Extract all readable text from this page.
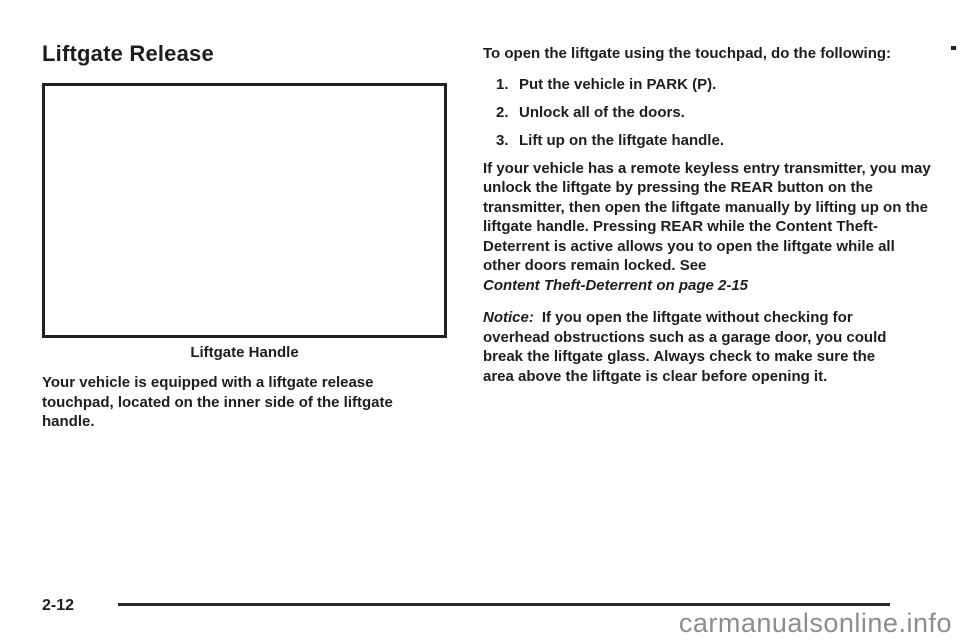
Liftgate Release
Liftgate Handle
Your vehicle is equipped with a liftgate release touchpad, located on the inner side of the liftgate handle.

To open the liftgate using the touchpad, do the following:

1. Put the vehicle in PARK (P).
2. Unlock all of the doors.
3. Lift up on the liftgate handle.

If your vehicle has a remote keyless entry transmitter, you may unlock the liftgate by pressing the REAR button on the transmitter, then open the liftgate manually by lifting up on the liftgate handle. Pressing REAR while the Content Theft-Deterrent is active allows you to open the liftgate while all other doors remain locked. See

Content Theft-Deterrent on page 2-15

Notice: If you open the liftgate without checking for overhead obstructions such as a garage door, you could break the liftgate glass. Always check to make sure the area above the liftgate is clear before opening it.

2-12
carmanualsonline.info
